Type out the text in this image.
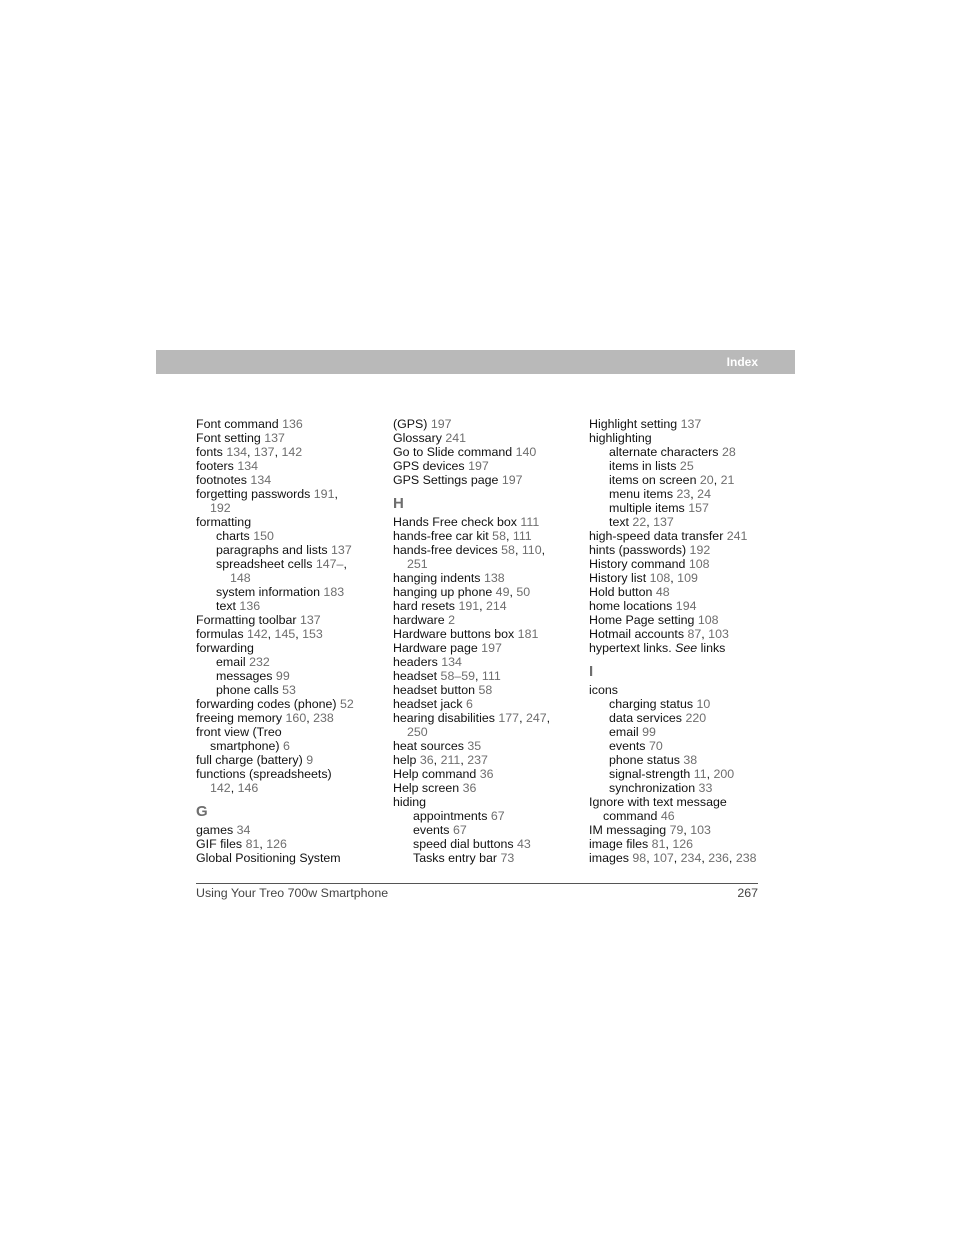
Index
Font command 136
Font setting 137
fonts 134, 137, 142
footers 134
footnotes 134
forgetting passwords 191,
192
formatting
charts 150
paragraphs and lists 137
spreadsheet cells 147–,
148
system information 183
text 136
Formatting toolbar 137
formulas 142, 145, 153
forwarding
email 232
messages 99
phone calls 53
forwarding codes (phone) 52
freeing memory 160, 238
front view (Treo
smartphone) 6
full charge (battery) 9
functions (spreadsheets)
142, 146
G
games 34
GIF files 81, 126
Global Positioning System
(GPS) 197
Glossary 241
Go to Slide command 140
GPS devices 197
GPS Settings page 197
H
Hands Free check box 111
hands-free car kit 58, 111
hands-free devices 58, 110,
251
hanging indents 138
hanging up phone 49, 50
hard resets 191, 214
hardware 2
Hardware buttons box 181
Hardware page 197
headers 134
headset 58–59, 111
headset button 58
headset jack 6
hearing disabilities 177, 247,
250
heat sources 35
help 36, 211, 237
Help command 36
Help screen 36
hiding
appointments 67
events 67
speed dial buttons 43
Tasks entry bar 73
Highlight setting 137
highlighting
alternate characters 28
items in lists 25
items on screen 20, 21
menu items 23, 24
multiple items 157
text 22, 137
high-speed data transfer 241
hints (passwords) 192
History command 108
History list 108, 109
Hold button 48
home locations 194
Home Page setting 108
Hotmail accounts 87, 103
hypertext links. See links
I
icons
charging status 10
data services 220
email 99
events 70
phone status 38
signal-strength 11, 200
synchronization 33
Ignore with text message
command 46
IM messaging 79, 103
image files 81, 126
images 98, 107, 234, 236, 238
Using Your Treo 700w Smartphone	267
